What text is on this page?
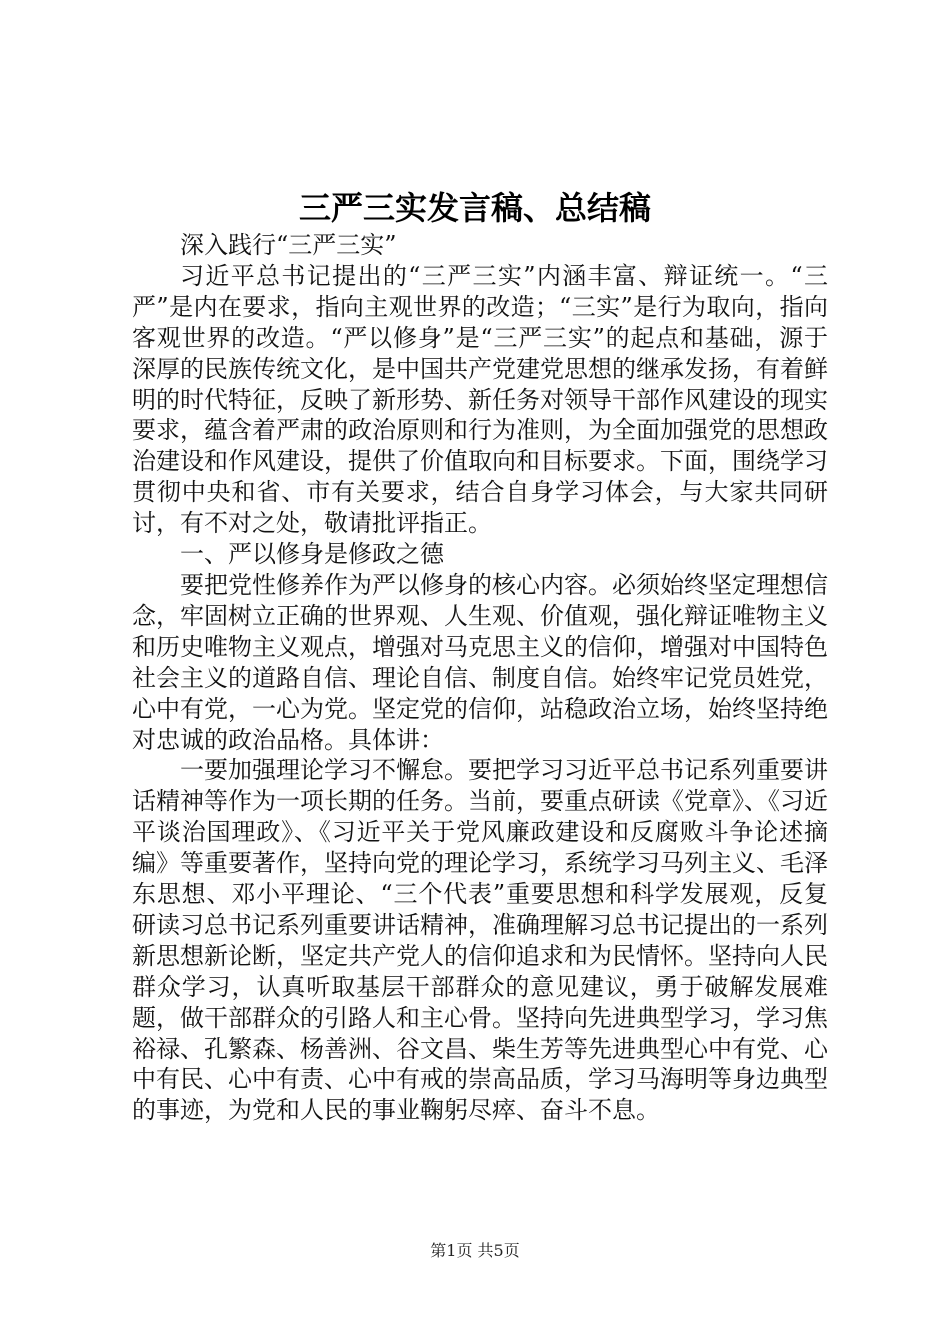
三严三实发言稿、总结稿

深入践行“三严三实”

习近平总书记提出的“三严三实”内涵丰富、辩证统一。“三严”是内在要求，指向主观世界的改造；“三实”是行为取向，指向客观世界的改造。“严以修身”是“三严三实”的起点和基础，源于深厚的民族传统文化，是中国共产党建党思想的继承发扬，有着鲜明的时代特征，反映了新形势、新任务对领导干部作风建设的现实要求，蕴含着严肃的政治原则和行为准则，为全面加强党的思想政治建设和作风建设，提供了价值取向和目标要求。下面，围绕学习贯彻中央和省、市有关要求，结合自身学习体会，与大家共同研讨，有不对之处，敬请批评指正。

一、严以修身是修政之德

要把党性修养作为严以修身的核心内容。必须始终坚定理想信念，牢固树立正确的世界观、人生观、价值观，强化辩证唯物主义和历史唯物主义观点，增强对马克思主义的信仰，增强对中国特色社会主义的道路自信、理论自信、制度自信。始终牢记党员姓党，心中有党，一心为党。坚定党的信仰，站稳政治立场，始终坚持绝对忠诚的政治品格。具体讲：

一要加强理论学习不懈怠。要把学习习近平总书记系列重要讲话精神等作为一项长期的任务。当前，要重点研读《党章》、《习近平谈治国理政》、《习近平关于党风廉政建设和反腐败斗争论述摘编》等重要著作，坚持向党的理论学习，系统学习马列主义、毛泽东思想、邓小平理论、“三个代表”重要思想和科学发展观，反复研读习总书记系列重要讲话精神，准确理解习总书记提出的一系列新思想新论断，坚定共产党人的信仰追求和为民情怀。坚持向人民群众学习，认真听取基层干部群众的意见建议，勇于破解发展难题，做干部群众的引路人和主心骨。坚持向先进典型学习，学习焦裕禄、孔繁森、杨善洲、谷文昌、柴生芳等先进典型心中有党、心中有民、心中有责、心中有戒的崇高品质，学习马海明等身边典型的事迹，为党和人民的事业鞠躬尽瘁、奋斗不息。

第1页 共5页
